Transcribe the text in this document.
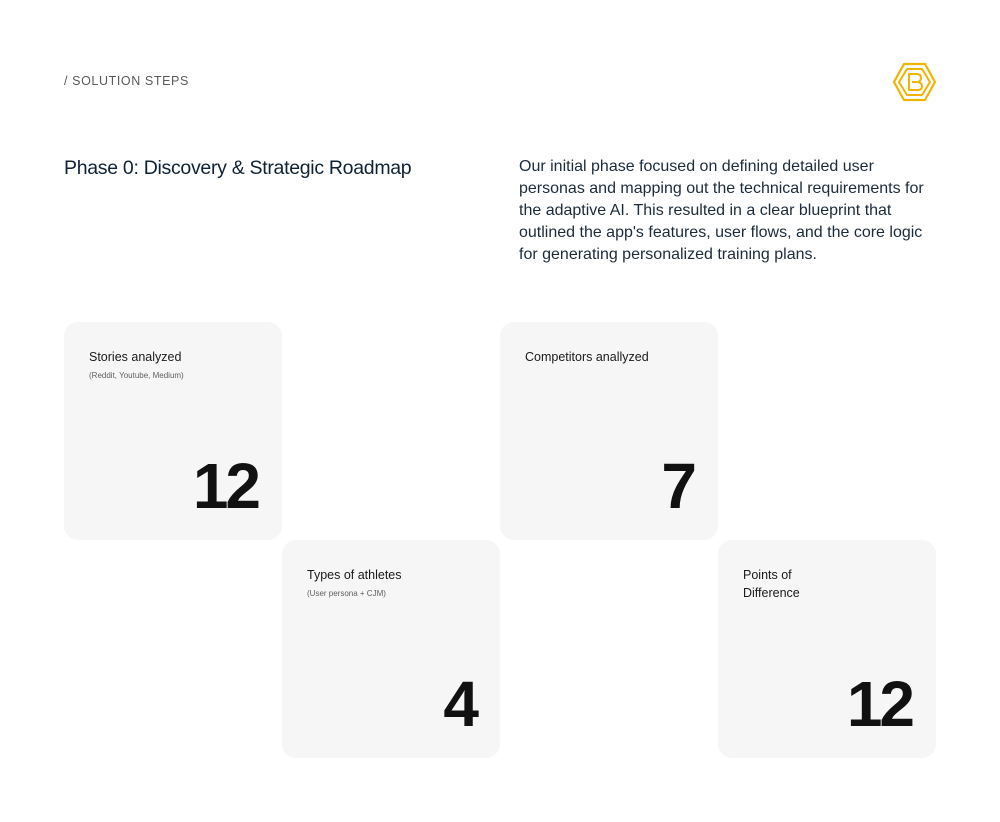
/ SOLUTION STEPS
Phase 0: Discovery & Strategic Roadmap	Our initial phase focused on defining detailed user personas and mapping out the technical requirements for the adaptive AI. This resulted in a clear blueprint that outlined the app's features, user flows, and the core logic for generating personalized training plans.

Stories analyzed
(Reddit, Youtube, Medium)
12
Competitors anallyzed
7
Types of athletes
(User persona + CJM)
4
Points of Difference
12
